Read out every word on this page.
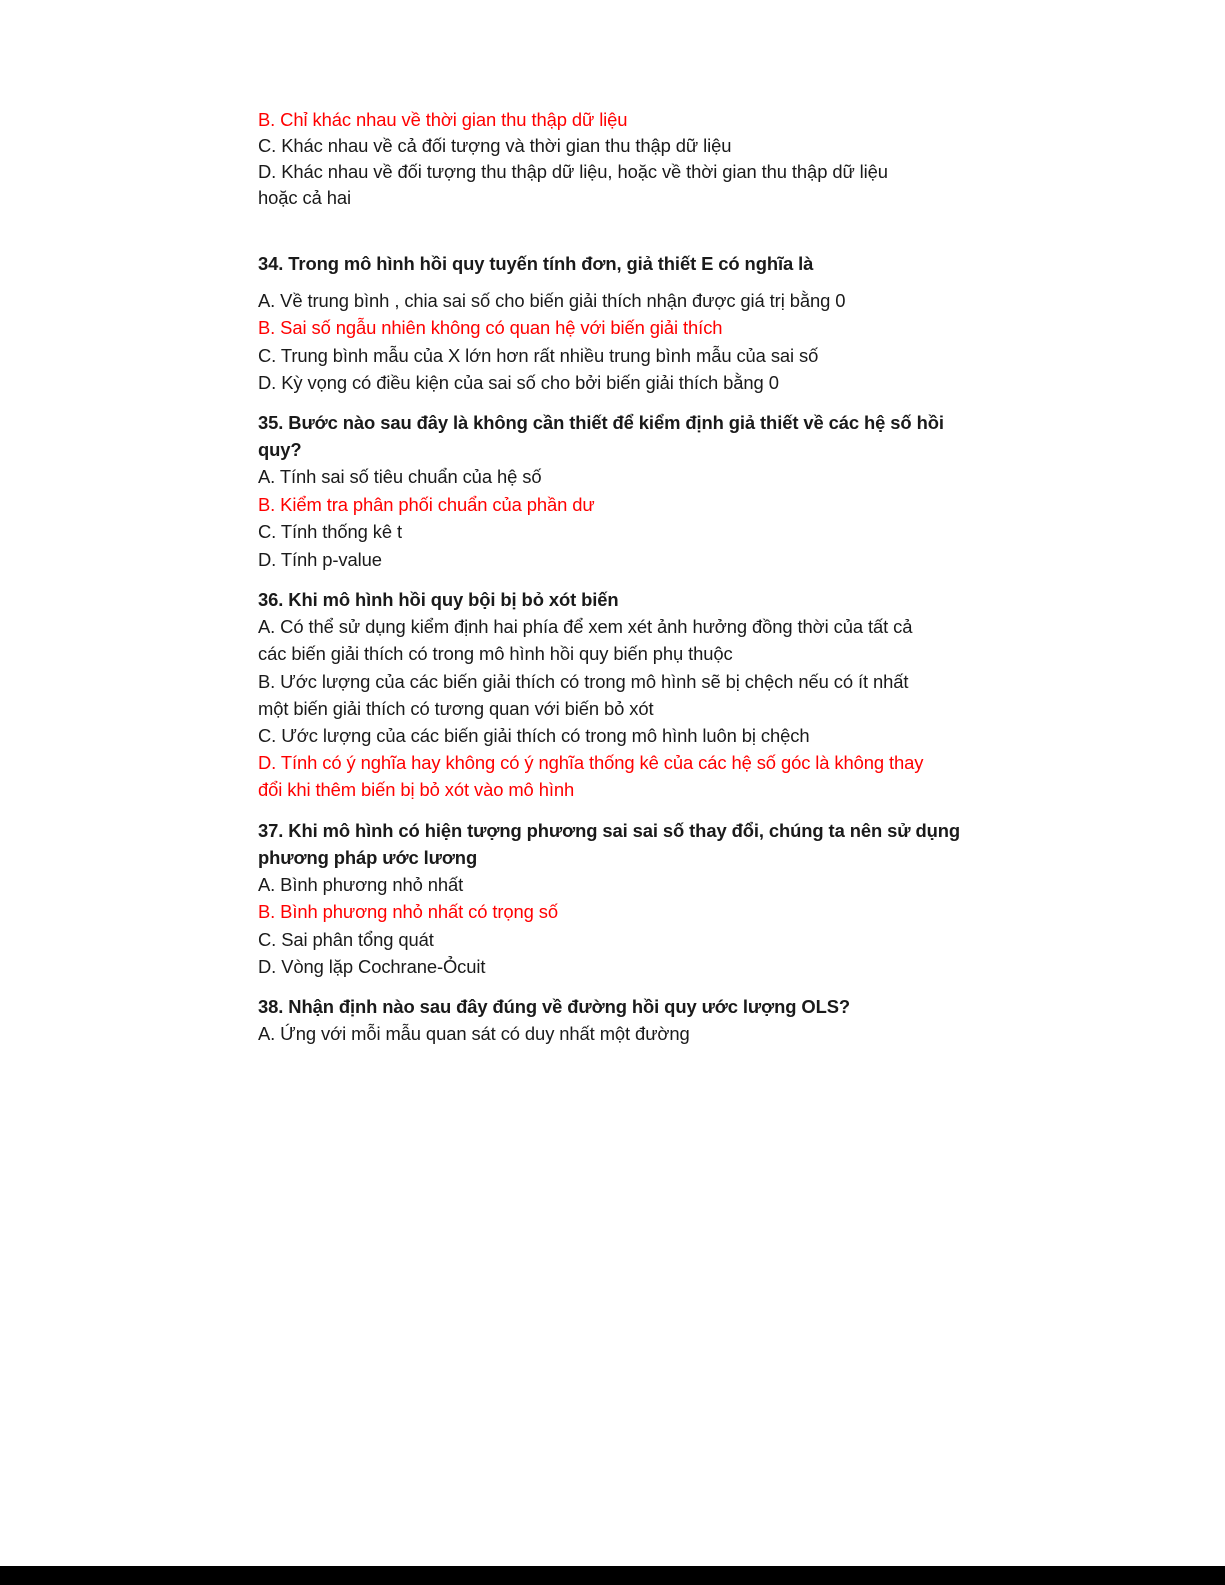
B. Chỉ khác nhau về thời gian thu thập dữ liệu
C. Khác nhau về cả đối tượng và thời gian thu thập dữ liệu
D. Khác nhau về đối tượng thu thập dữ liệu, hoặc về thời gian thu thập dữ liệu
hoặc cả hai
34. Trong mô hình hồi quy tuyến tính đơn, giả thiết E có nghĩa là
A. Về trung bình , chia sai số cho biến giải thích nhận được giá trị bằng 0
B. Sai số ngẫu nhiên không có quan hệ với biến giải thích
C. Trung bình mẫu của X lớn hơn rất nhiều trung bình mẫu của sai số
D. Kỳ vọng có điều kiện của sai số cho bởi biến giải thích bằng 0
35. Bước nào sau đây là không cần thiết để kiểm định giả thiết về các hệ số hồi
quy?
A. Tính sai số tiêu chuẩn của hệ số
B. Kiểm tra phân phối chuẩn của phần dư
C. Tính thống kê t
D. Tính p-value
36. Khi mô hình hồi quy bội bị bỏ xót biến
A. Có thể sử dụng kiểm định hai phía để xem xét ảnh hưởng đồng thời của tất cả
các biến giải thích có trong mô hình hồi quy biến phụ thuộc
B. Ước lượng của các biến giải thích có trong mô hình sẽ bị chệch nếu có ít nhất
một biến giải thích có tương quan với biến bỏ xót
C. Ước lượng của các biến giải thích có trong mô hình luôn bị chệch
D. Tính có ý nghĩa hay không có ý nghĩa thống kê của các hệ số góc là không thay
đổi khi thêm biến bị bỏ xót vào mô hình
37. Khi mô hình có hiện tượng phương sai sai số thay đổi, chúng ta nên sử dụng
phương pháp ước lương
A. Bình phương nhỏ nhất
B. Bình phương nhỏ nhất có trọng số
C. Sai phân tổng quát
D. Vòng lặp Cochrane-Ỏcuit
38. Nhận định nào sau đây đúng về đường hồi quy ước lượng OLS?
A. Ứng với mỗi mẫu quan sát có duy nhất một đường
